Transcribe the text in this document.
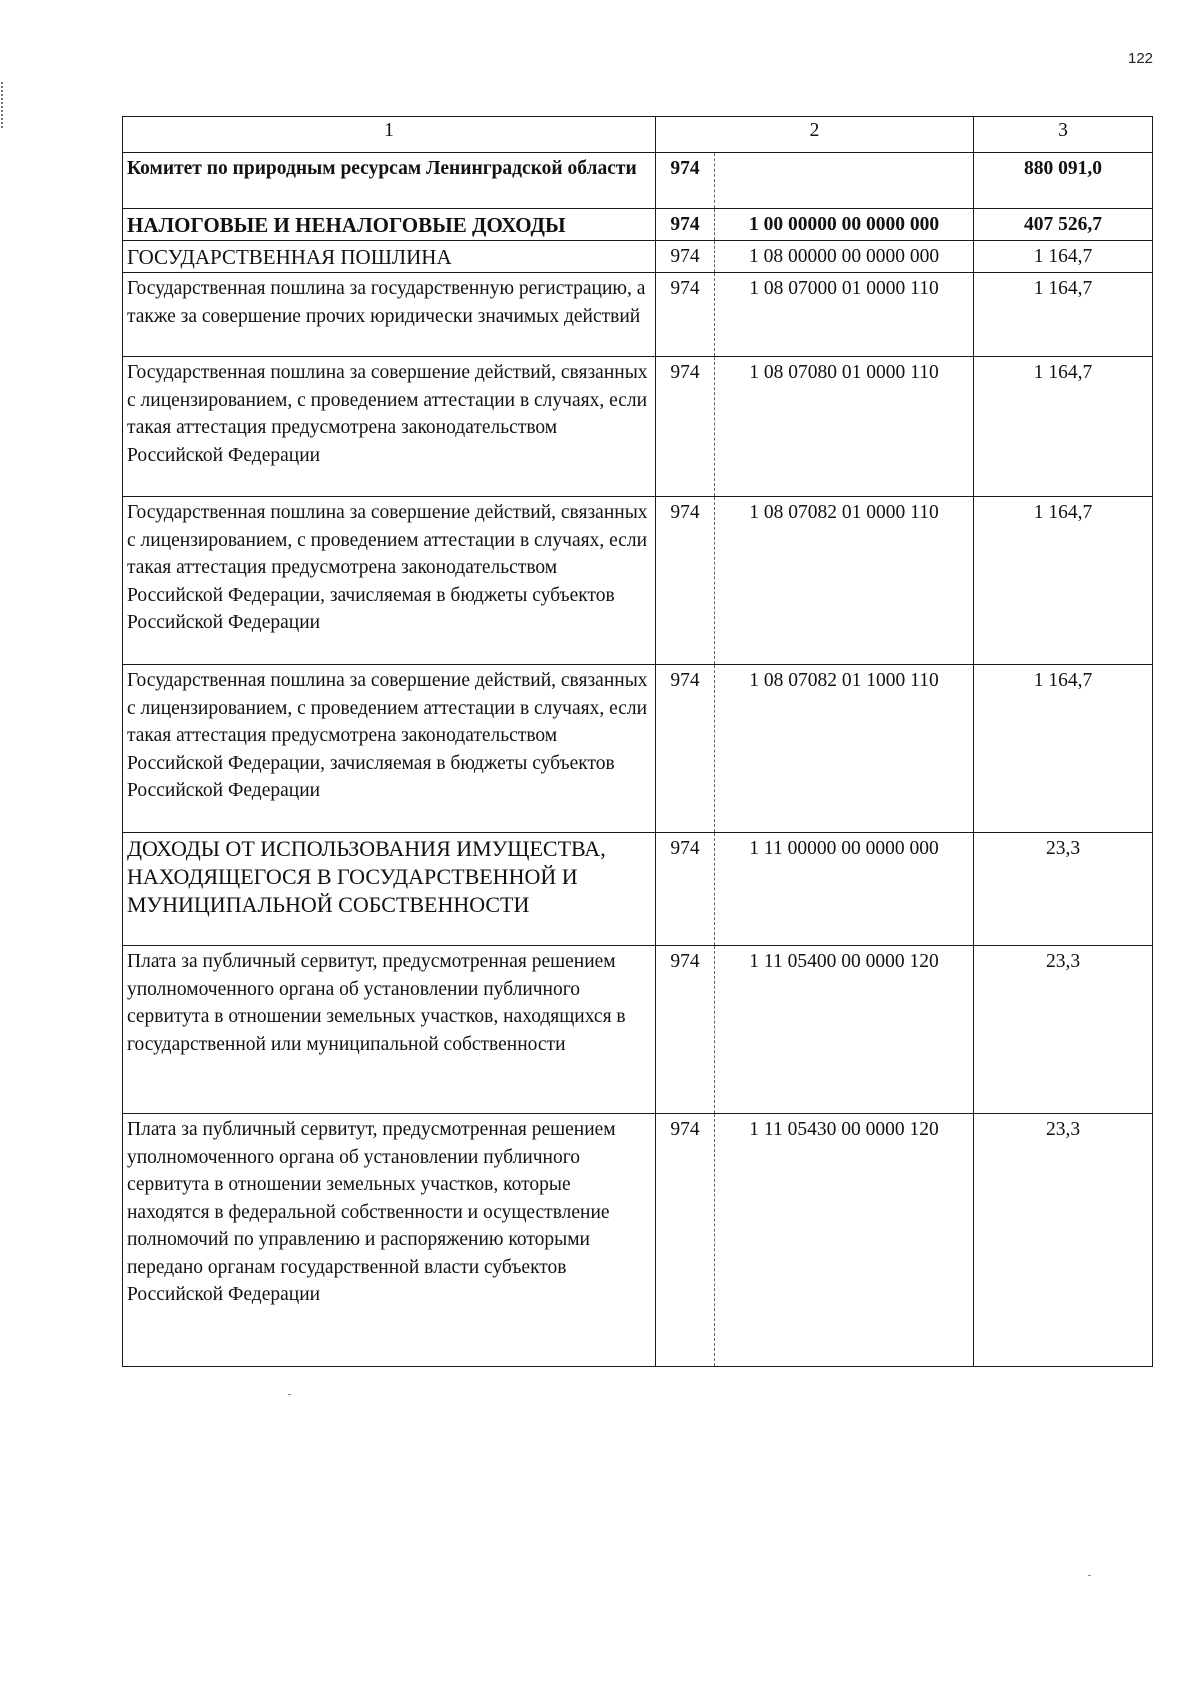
122
1	2		3
Комитет по природным ресурсам Ленинградской области	974		880 091,0
НАЛОГОВЫЕ И НЕНАЛОГОВЫЕ ДОХОДЫ	974	1 00 00000 00 0000 000	407 526,7
ГОСУДАРСТВЕННАЯ ПОШЛИНА	974	1 08 00000 00 0000 000	1 164,7
Государственная пошлина за государственную регистрацию, а также за совершение прочих юридически значимых действий	974	1 08 07000 01 0000 110	1 164,7
Государственная пошлина за совершение действий, связанных с лицензированием, с проведением аттестации в случаях, если такая аттестация предусмотрена законодательством Российской Федерации	974	1 08 07080 01 0000 110	1 164,7
Государственная пошлина за совершение действий, связанных с лицензированием, с проведением аттестации в случаях, если такая аттестация предусмотрена законодательством Российской Федерации, зачисляемая в бюджеты субъектов Российской Федерации	974	1 08 07082 01 0000 110	1 164,7
Государственная пошлина за совершение действий, связанных с лицензированием, с проведением аттестации в случаях, если такая аттестация предусмотрена законодательством Российской Федерации, зачисляемая в бюджеты субъектов Российской Федерации	974	1 08 07082 01 1000 110	1 164,7
ДОХОДЫ ОТ ИСПОЛЬЗОВАНИЯ ИМУЩЕСТВА, НАХОДЯЩЕГОСЯ В ГОСУДАРСТВЕННОЙ И МУНИЦИПАЛЬНОЙ СОБСТВЕННОСТИ	974	1 11 00000 00 0000 000	23,3
Плата за публичный сервитут, предусмотренная решением уполномоченного органа об установлении публичного сервитута в отношении земельных участков, находящихся в государственной или муниципальной собственности	974	1 11 05400 00 0000 120	23,3
Плата за публичный сервитут, предусмотренная решением уполномоченного органа об установлении публичного сервитута в отношении земельных участков, которые находятся в федеральной собственности и осуществление полномочий по управлению и распоряжению которыми передано органам государственной власти субъектов Российской Федерации	974	1 11 05430 00 0000 120	23,3
